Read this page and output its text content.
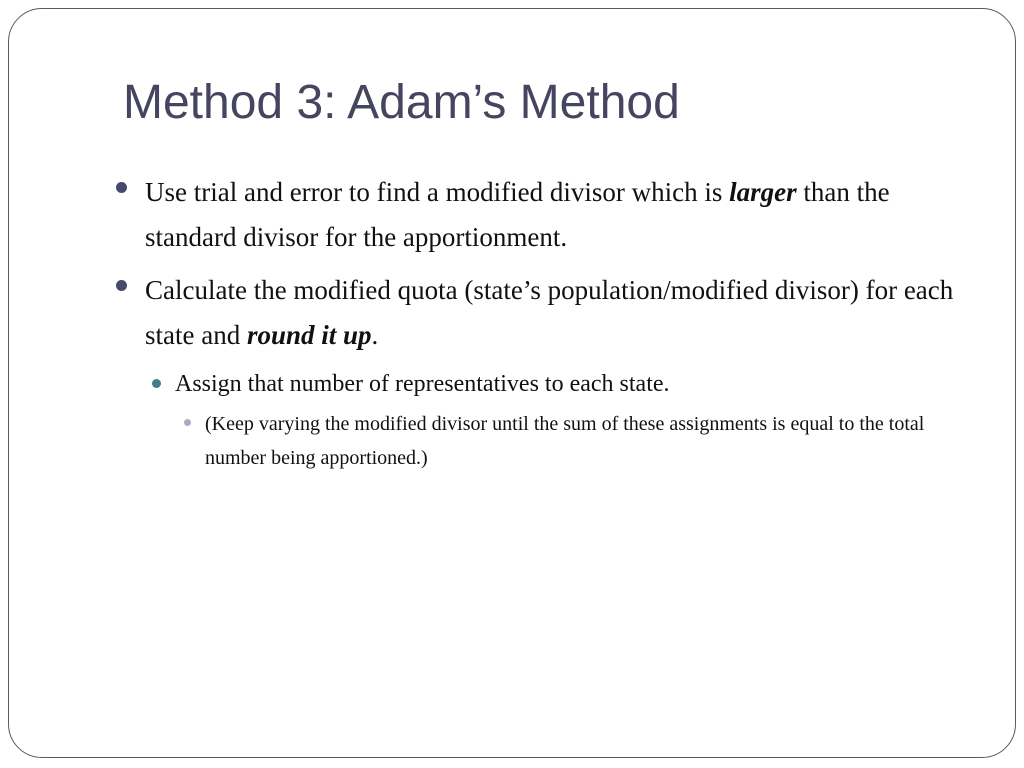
Method 3: Adam’s Method

Use trial and error to find a modified divisor which is larger than the standard divisor for the apportionment.

Calculate the modified quota (state’s population/modified divisor) for each state and round it up.

Assign that number of representatives to each state.

(Keep varying the modified divisor until the sum of these assignments is equal to the total number being apportioned.)
